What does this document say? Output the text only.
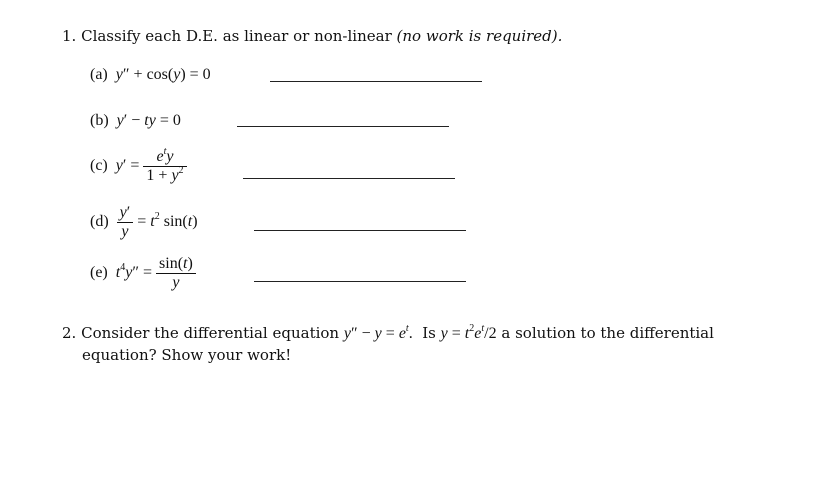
1. Classify each D.E. as linear or non-linear (no work is required).
(a) y″ + cos(y) = 0
(b) y′ − ty = 0
(c) $y' = \frac{e^ty}{1 + y^2}$
$(d) \frac{y'}{y} = t^2$ sin(t)
(e) $t^4y'' = \frac{\sin(t)}{y}$
2. Consider the differential equation $y'' - y = e^t$. Is $y = t^2e^t/2$ a solution to the differential
equation? Show your work!
